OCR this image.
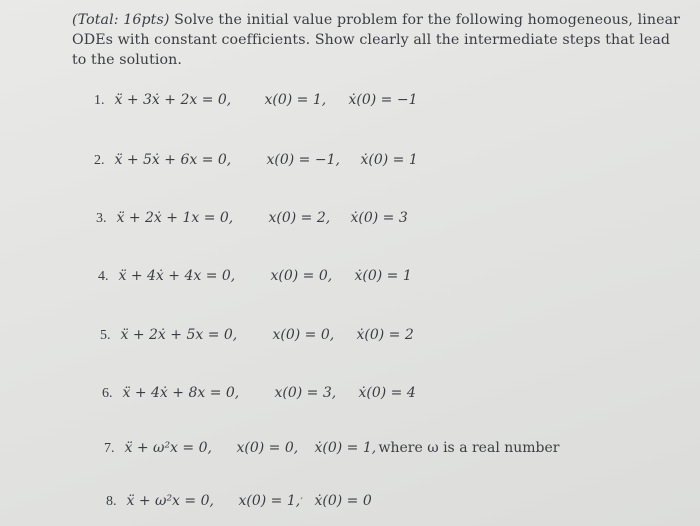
(Total: 16pts) Solve the initial value problem for the following homogeneous, linear ODEs with constant coefficients. Show clearly all the intermediate steps that lead to the solution.
1. ẍ + 3ẋ + 2x = 0,	x(0) = 1,	ẋ(0) = −1
2. ẍ + 5ẋ + 6x = 0,	x(0) = −1,	ẋ(0) = 1
3. ẍ + 2ẋ + 1x = 0,	x(0) = 2,	ẋ(0) = 3
4. ẍ + 4ẋ + 4x = 0,	x(0) = 0,	ẋ(0) = 1
5. ẍ + 2ẋ + 5x = 0,	x(0) = 0,	ẋ(0) = 2
6. ẍ + 4ẋ + 8x = 0,	x(0) = 3,	ẋ(0) = 4
7. ẍ + ω²x = 0,	x(0) = 0,	ẋ(0) = 1, where ω is a real number
8. ẍ + ω²x = 0,	x(0) = 1, ′ ẋ(0) = 0
